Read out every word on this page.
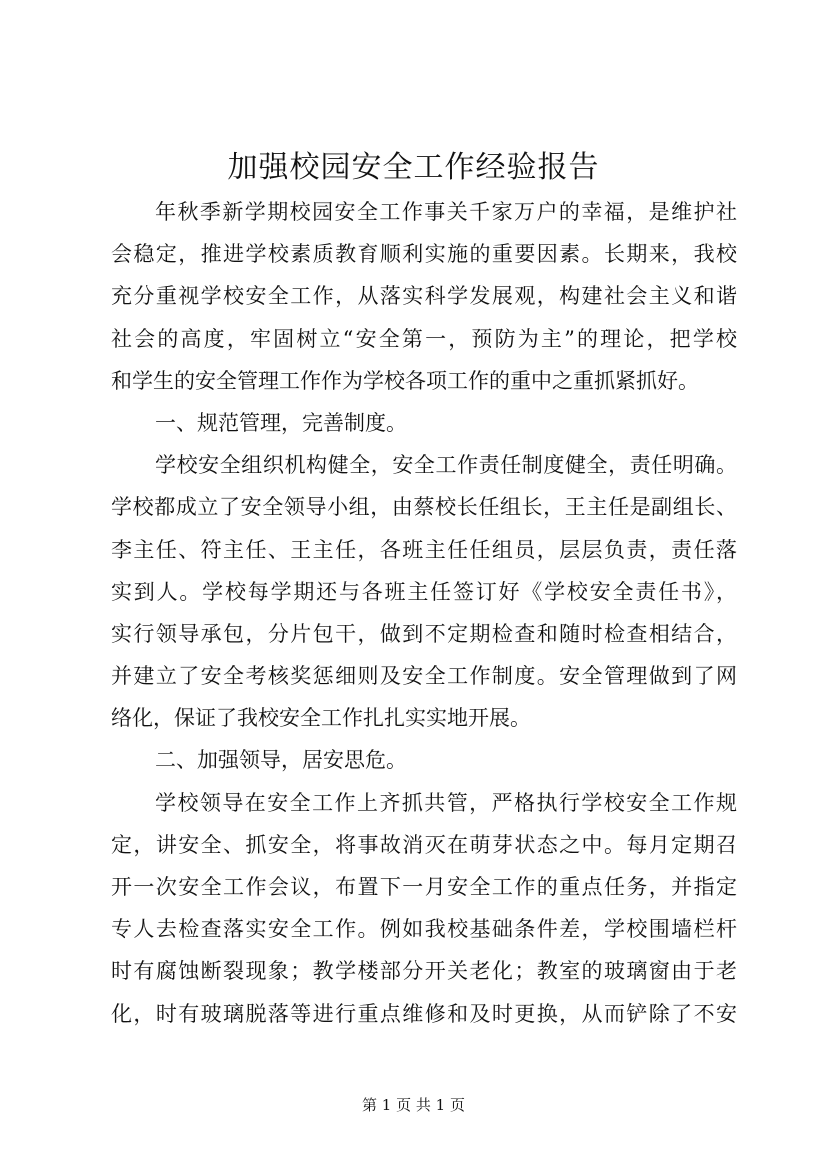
加强校园安全工作经验报告
年秋季新学期校园安全工作事关千家万户的幸福，是维护社
会稳定，推进学校素质教育顺利实施的重要因素。长期来，我校
充分重视学校安全工作，从落实科学发展观，构建社会主义和谐
社会的高度，牢固树立“安全第一，预防为主”的理论，把学校
和学生的安全管理工作作为学校各项工作的重中之重抓紧抓好。
一、规范管理，完善制度。
学校安全组织机构健全，安全工作责任制度健全，责任明确。
学校都成立了安全领导小组，由蔡校长任组长，王主任是副组长、
李主任、符主任、王主任，各班主任任组员，层层负责，责任落
实到人。学校每学期还与各班主任签订好《学校安全责任书》，
实行领导承包，分片包干，做到不定期检查和随时检查相结合，
并建立了安全考核奖惩细则及安全工作制度。安全管理做到了网
络化，保证了我校安全工作扎扎实实地开展。
二、加强领导，居安思危。
学校领导在安全工作上齐抓共管，严格执行学校安全工作规
定，讲安全、抓安全，将事故消灭在萌芽状态之中。每月定期召
开一次安全工作会议，布置下一月安全工作的重点任务，并指定
专人去检查落实安全工作。例如我校基础条件差，学校围墙栏杆
时有腐蚀断裂现象；教学楼部分开关老化；教室的玻璃窗由于老
化，时有玻璃脱落等进行重点维修和及时更换，从而铲除了不安
第 1 页 共 1 页
